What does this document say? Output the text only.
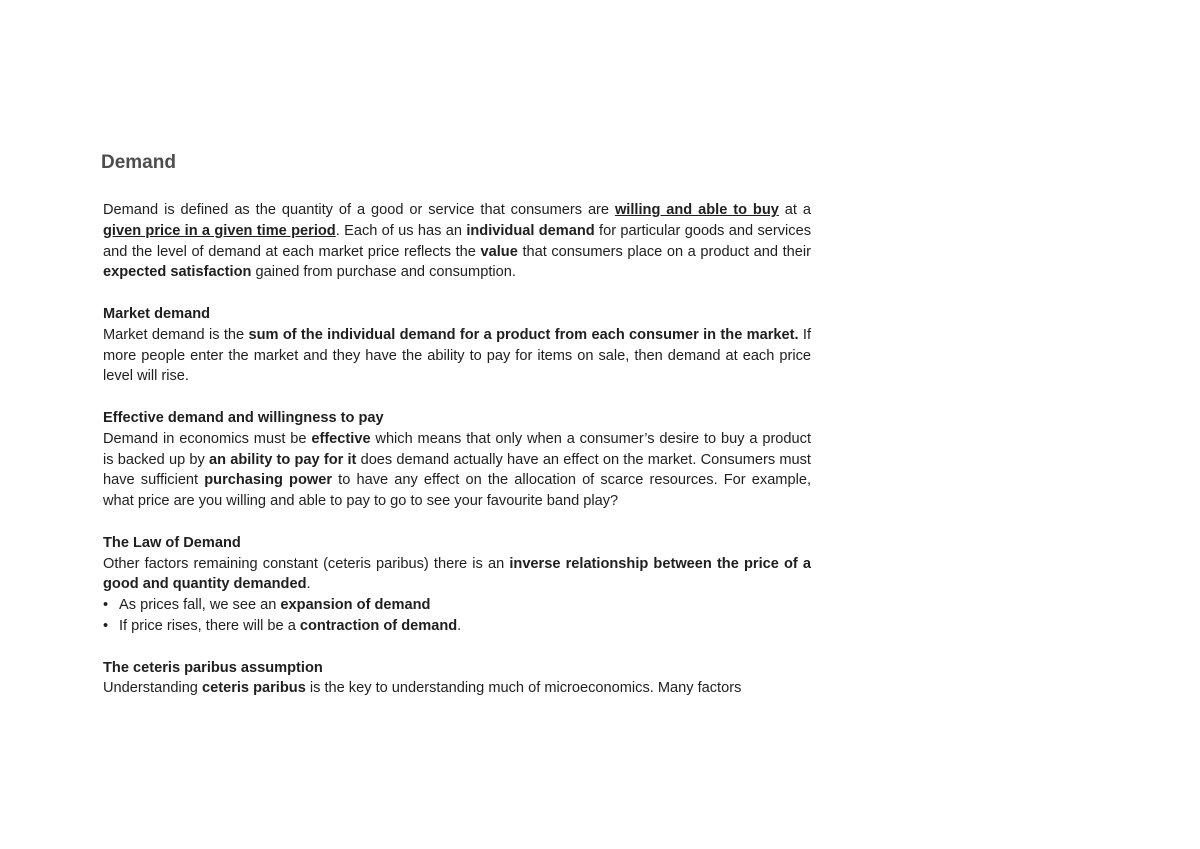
Demand

Demand is defined as the quantity of a good or service that consumers are willing and able to buy at a given price in a given time period. Each of us has an individual demand for particular goods and services and the level of demand at each market price reflects the value that consumers place on a product and their expected satisfaction gained from purchase and consumption.

Market demand

Market demand is the sum of the individual demand for a product from each consumer in the market. If more people enter the market and they have the ability to pay for items on sale, then demand at each price level will rise.

Effective demand and willingness to pay

Demand in economics must be effective which means that only when a consumer’s desire to buy a product is backed up by an ability to pay for it does demand actually have an effect on the market. Consumers must have sufficient purchasing power to have any effect on the allocation of scarce resources. For example, what price are you willing and able to pay to go to see your favourite band play?

The Law of Demand

Other factors remaining constant (ceteris paribus) there is an inverse relationship between the price of a good and quantity demanded.

• As prices fall, we see an expansion of demand
• If price rises, there will be a contraction of demand.

The ceteris paribus assumption

Understanding ceteris paribus is the key to understanding much of microeconomics. Many factors
